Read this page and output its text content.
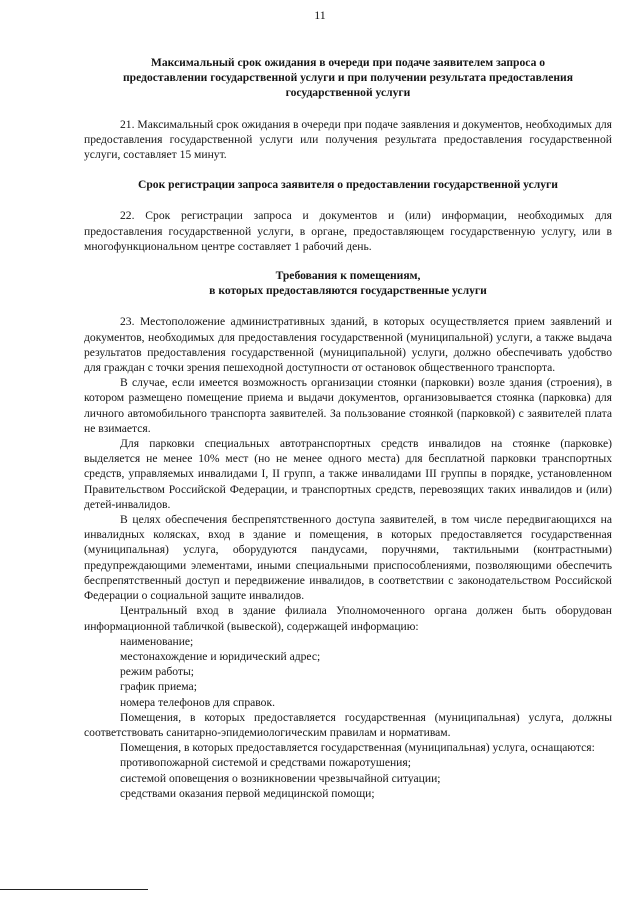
11

Максимальный срок ожидания в очереди при подаче заявителем запроса о
предоставлении государственной услуги и при получении результата предоставления
государственной услуги

21. Максимальный срок ожидания в очереди при подаче заявления и документов, необходимых для предоставления государственной услуги или получения результата предоставления государственной услуги, составляет 15 минут.

Срок регистрации запроса заявителя о предоставлении государственной услуги

22. Срок регистрации запроса и документов и (или) информации, необходимых для предоставления государственной услуги, в органе, предоставляющем государственную услугу, или в многофункциональном центре составляет 1 рабочий день.

Требования к помещениям,
в которых предоставляются государственные услуги

23. Местоположение административных зданий, в которых осуществляется прием заявлений и документов, необходимых для предоставления государственной (муниципальной) услуги, а также выдача результатов предоставления государственной (муниципальной) услуги, должно обеспечивать удобство для граждан с точки зрения пешеходной доступности от остановок общественного транспорта.

В случае, если имеется возможность организации стоянки (парковки) возле здания (строения), в котором размещено помещение приема и выдачи документов, организовывается стоянка (парковка) для личного автомобильного транспорта заявителей. За пользование стоянкой (парковкой) с заявителей плата не взимается.

Для парковки специальных автотранспортных средств инвалидов на стоянке (парковке) выделяется не менее 10% мест (но не менее одного места) для бесплатной парковки транспортных средств, управляемых инвалидами I, II групп, а также инвалидами III группы в порядке, установленном Правительством Российской Федерации, и транспортных средств, перевозящих таких инвалидов и (или) детей-инвалидов.

В целях обеспечения беспрепятственного доступа заявителей, в том числе передвигающихся на инвалидных колясках, вход в здание и помещения, в которых предоставляется государственная (муниципальная) услуга, оборудуются пандусами, поручнями, тактильными (контрастными) предупреждающими элементами, иными специальными приспособлениями, позволяющими обеспечить беспрепятственный доступ и передвижение инвалидов, в соответствии с законодательством Российской Федерации о социальной защите инвалидов.

Центральный вход в здание филиала Уполномоченного органа должен быть оборудован информационной табличкой (вывеской), содержащей информацию:

наименование;

местонахождение и юридический адрес;

режим работы;

график приема;

номера телефонов для справок.

Помещения, в которых предоставляется государственная (муниципальная) услуга, должны соответствовать санитарно-эпидемиологическим правилам и нормативам.

Помещения, в которых предоставляется государственная (муниципальная) услуга, оснащаются:

противопожарной системой и средствами пожаротушения;

системой оповещения о возникновении чрезвычайной ситуации;

средствами оказания первой медицинской помощи;
